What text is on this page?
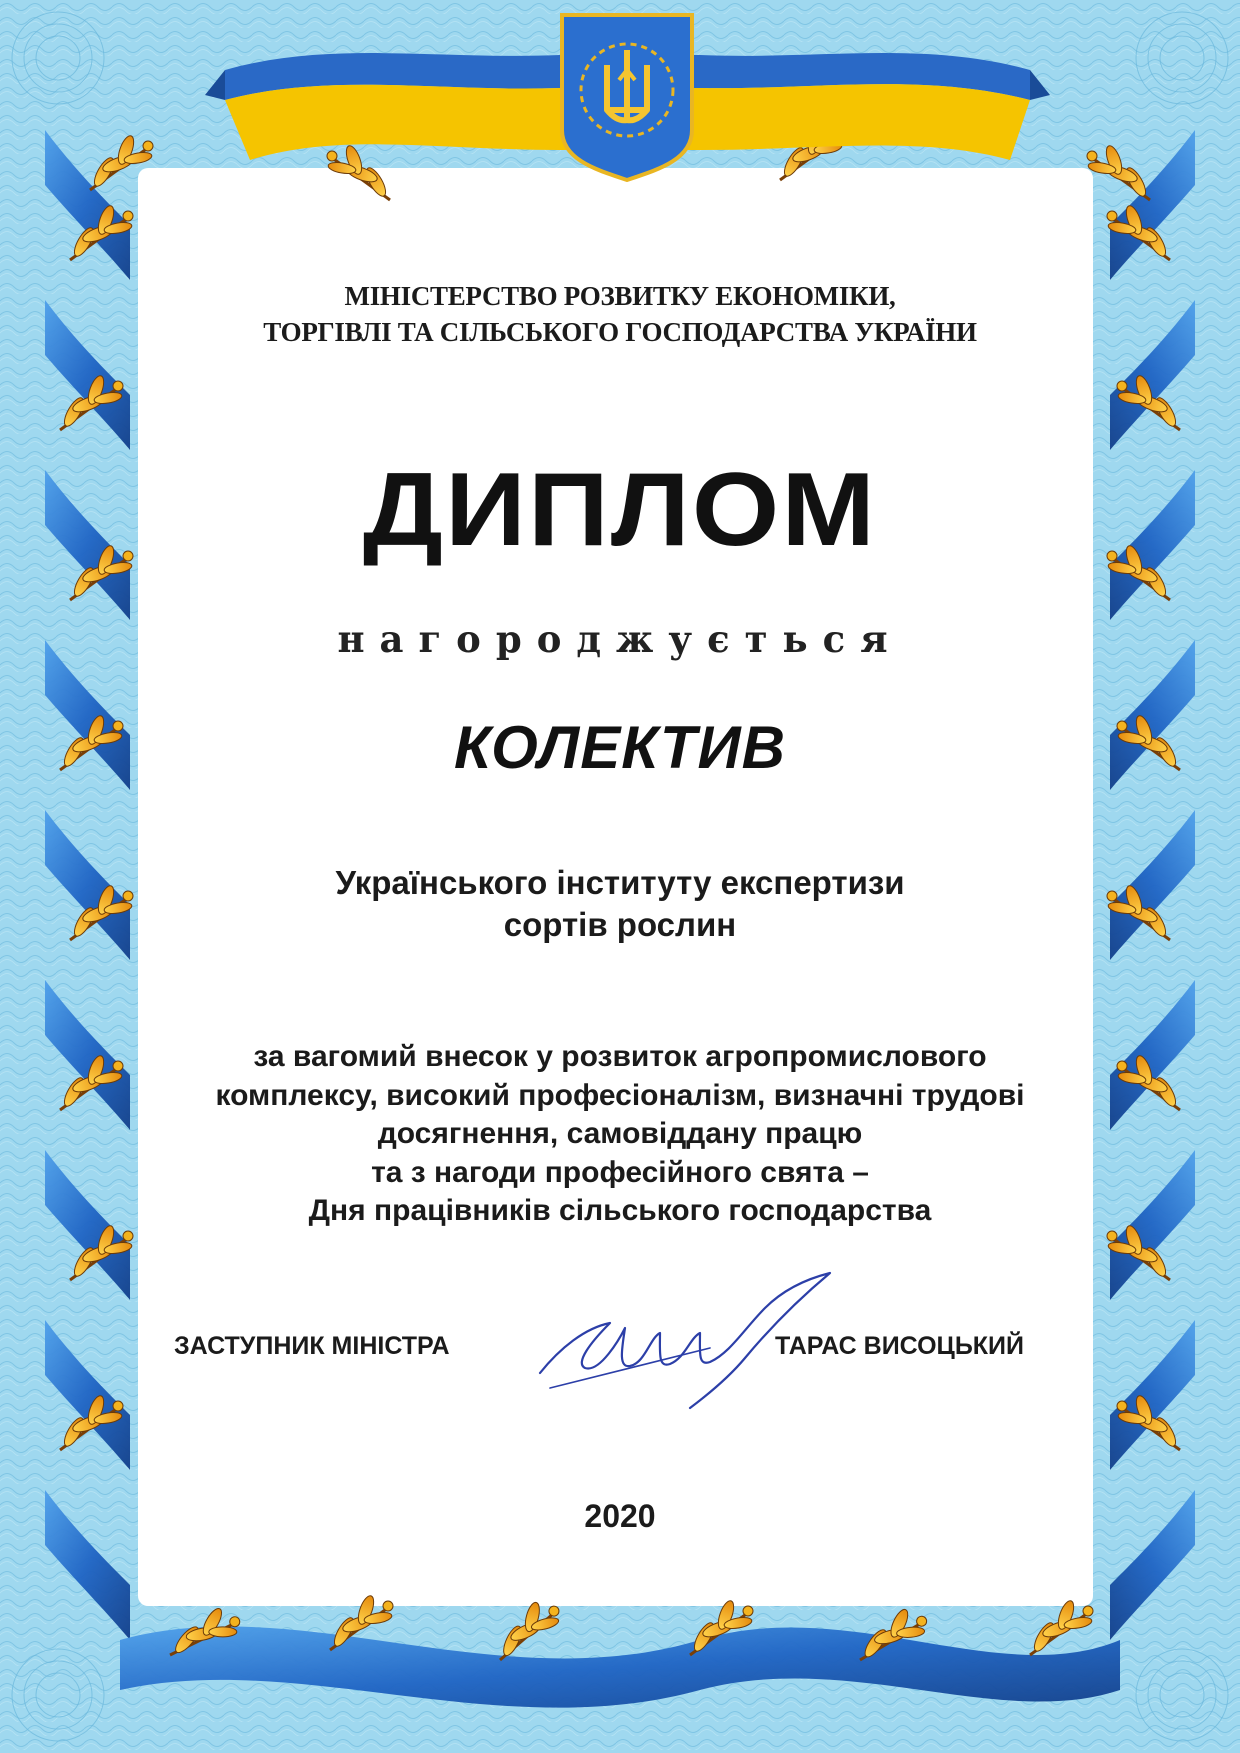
МІНІСТЕРСТВО РОЗВИТКУ ЕКОНОМІКИ,
ТОРГІВЛІ ТА СІЛЬСЬКОГО ГОСПОДАРСТВА УКРАЇНИ
ДИПЛОМ
нагороджується
КОЛЕКТИВ
Українського інституту експертизи
сортів рослин
за вагомий внесок у розвиток агропромислового
комплексу, високий професіоналізм, визначні трудові
досягнення, самовіддану працю
та з нагоди професійного свята –
Дня працівників сільського господарства
ЗАСТУПНИК МІНІСТРА	ТАРАС ВИСОЦЬКИЙ
2020
